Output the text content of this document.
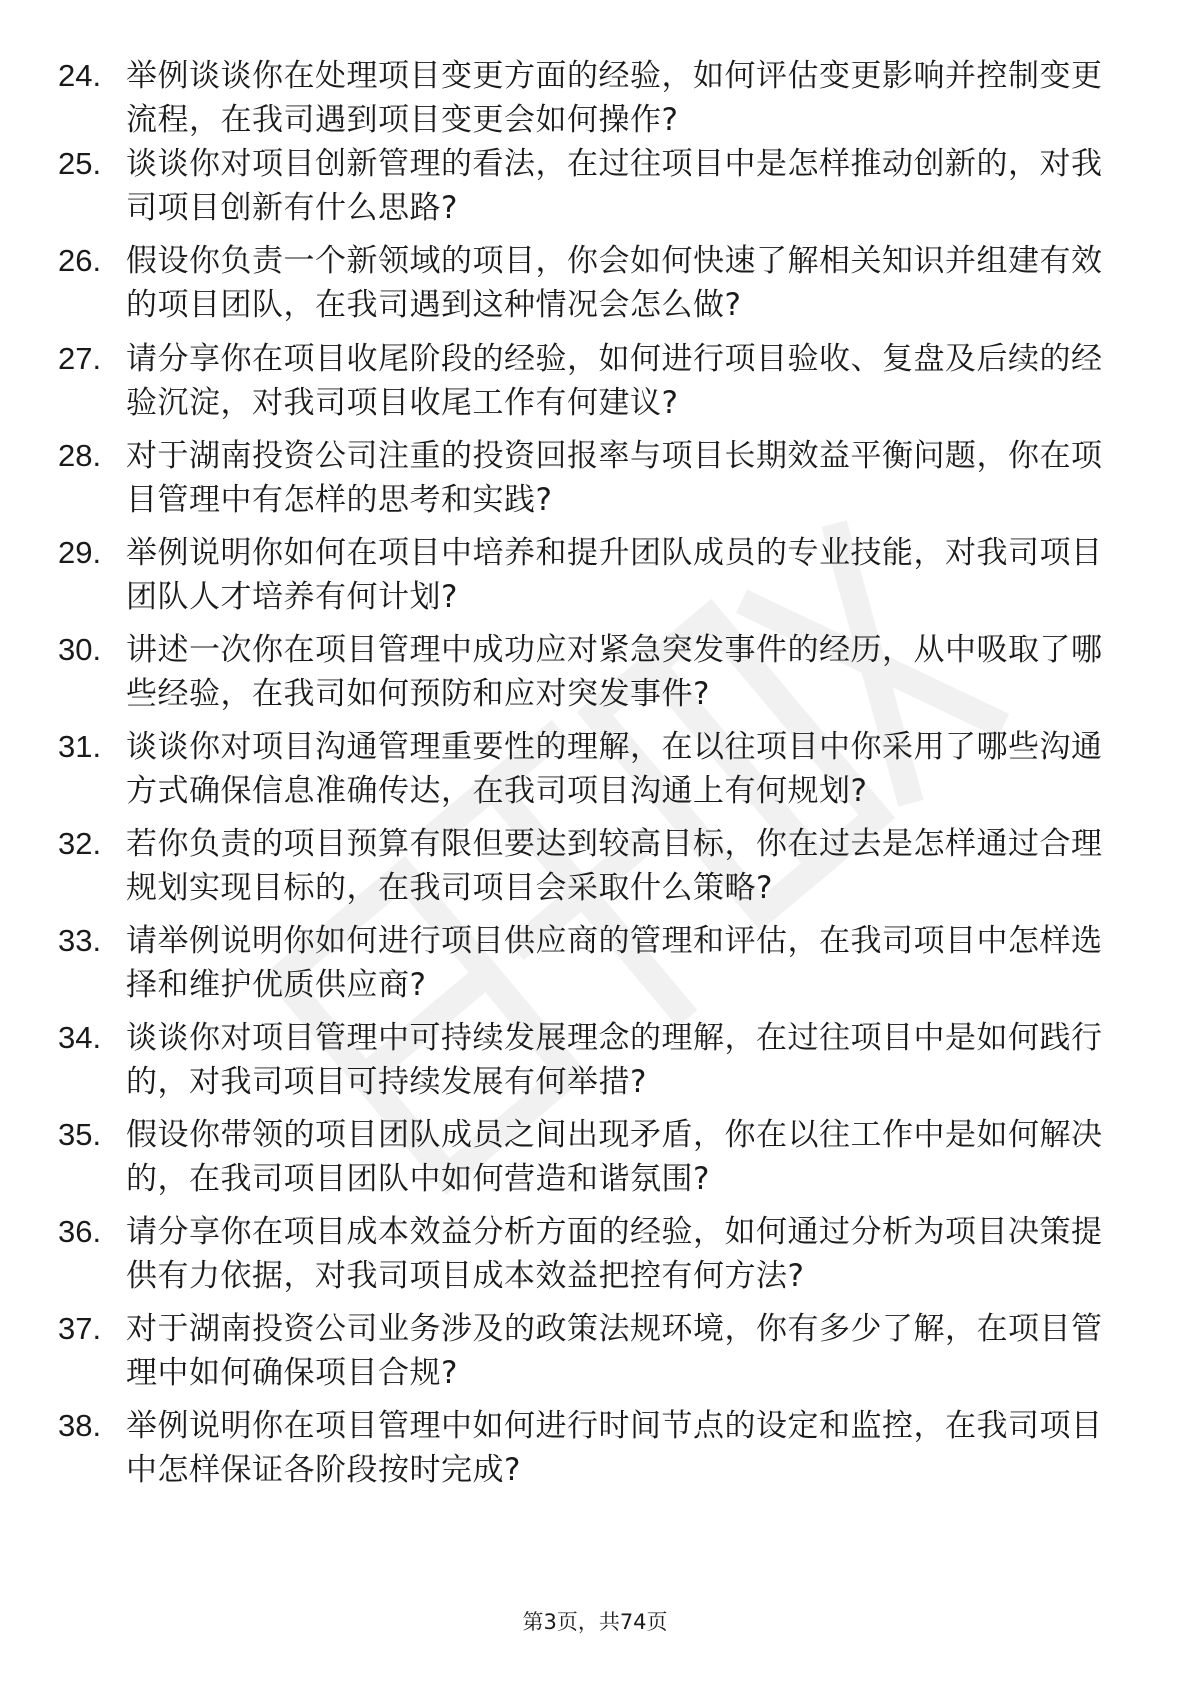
24. 举例谈谈你在处理项目变更方面的经验，如何评估变更影响并控制变更流程，在我司遇到项目变更会如何操作?
25. 谈谈你对项目创新管理的看法，在过往项目中是怎样推动创新的，对我司项目创新有什么思路?
26. 假设你负责一个新领域的项目，你会如何快速了解相关知识并组建有效的项目团队，在我司遇到这种情况会怎么做?
27. 请分享你在项目收尾阶段的经验，如何进行项目验收、复盘及后续的经验沉淀，对我司项目收尾工作有何建议?
28. 对于湖南投资公司注重的投资回报率与项目长期效益平衡问题，你在项目管理中有怎样的思考和实践?
29. 举例说明你如何在项目中培养和提升团队成员的专业技能，对我司项目团队人才培养有何计划?
30. 讲述一次你在项目管理中成功应对紧急突发事件的经历，从中吸取了哪些经验，在我司如何预防和应对突发事件?
31. 谈谈你对项目沟通管理重要性的理解，在以往项目中你采用了哪些沟通方式确保信息准确传达，在我司项目沟通上有何规划?
32. 若你负责的项目预算有限但要达到较高目标，你在过去是怎样通过合理规划实现目标的，在我司项目会采取什么策略?
33. 请举例说明你如何进行项目供应商的管理和评估，在我司项目中怎样选择和维护优质供应商?
34. 谈谈你对项目管理中可持续发展理念的理解，在过往项目中是如何践行的，对我司项目可持续发展有何举措?
35. 假设你带领的项目团队成员之间出现矛盾，你在以往工作中是如何解决的，在我司项目团队中如何营造和谐氛围?
36. 请分享你在项目成本效益分析方面的经验，如何通过分析为项目决策提供有力依据，对我司项目成本效益把控有何方法?
37. 对于湖南投资公司业务涉及的政策法规环境，你有多少了解，在项目管理中如何确保项目合规?
38. 举例说明你在项目管理中如何进行时间节点的设定和监控，在我司项目中怎样保证各阶段按时完成?
第3页，共74页
